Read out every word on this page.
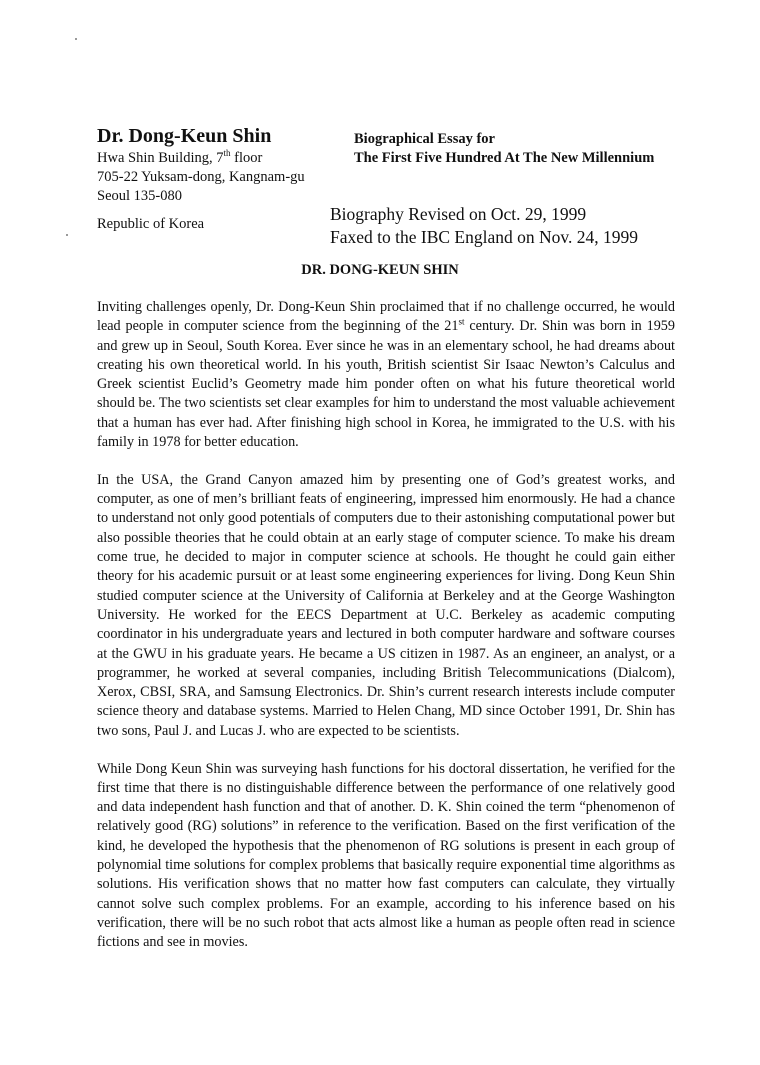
Dr. Dong-Keun Shin
Hwa Shin Building, 7th floor
705-22 Yuksam-dong, Kangnam-gu
Seoul 135-080
Republic of Korea
Biographical Essay for
The First Five Hundred At The New Millennium
Biography Revised on Oct. 29, 1999
Faxed to the IBC England on Nov. 24, 1999
DR. DONG-KEUN SHIN

Inviting challenges openly, Dr. Dong-Keun Shin proclaimed that if no challenge occurred, he would lead people in computer science from the beginning of the 21st century. Dr. Shin was born in 1959 and grew up in Seoul, South Korea. Ever since he was in an elementary school, he had dreams about creating his own theoretical world. In his youth, British scientist Sir Isaac Newton’s Calculus and Greek scientist Euclid’s Geometry made him ponder often on what his future theoretical world should be. The two scientists set clear examples for him to understand the most valuable achievement that a human has ever had. After finishing high school in Korea, he immigrated to the U.S. with his family in 1978 for better education.

In the USA, the Grand Canyon amazed him by presenting one of God’s greatest works, and computer, as one of men’s brilliant feats of engineering, impressed him enormously. He had a chance to understand not only good potentials of computers due to their astonishing computational power but also possible theories that he could obtain at an early stage of computer science. To make his dream come true, he decided to major in computer science at schools. He thought he could gain either theory for his academic pursuit or at least some engineering experiences for living. Dong Keun Shin studied computer science at the University of California at Berkeley and at the George Washington University. He worked for the EECS Department at U.C. Berkeley as academic computing coordinator in his undergraduate years and lectured in both computer hardware and software courses at the GWU in his graduate years. He became a US citizen in 1987. As an engineer, an analyst, or a programmer, he worked at several companies, including British Telecommunications (Dialcom), Xerox, CBSI, SRA, and Samsung Electronics. Dr. Shin’s current research interests include computer science theory and database systems. Married to Helen Chang, MD since October 1991, Dr. Shin has two sons, Paul J. and Lucas J. who are expected to be scientists.

While Dong Keun Shin was surveying hash functions for his doctoral dissertation, he verified for the first time that there is no distinguishable difference between the performance of one relatively good and data independent hash function and that of another. D. K. Shin coined the term “phenomenon of relatively good (RG) solutions” in reference to the verification. Based on the first verification of the kind, he developed the hypothesis that the phenomenon of RG solutions is present in each group of polynomial time solutions for complex problems that basically require exponential time algorithms as solutions. His verification shows that no matter how fast computers can calculate, they virtually cannot solve such complex problems. For an example, according to his inference based on his verification, there will be no such robot that acts almost like a human as people often read in science fictions and see in movies.
